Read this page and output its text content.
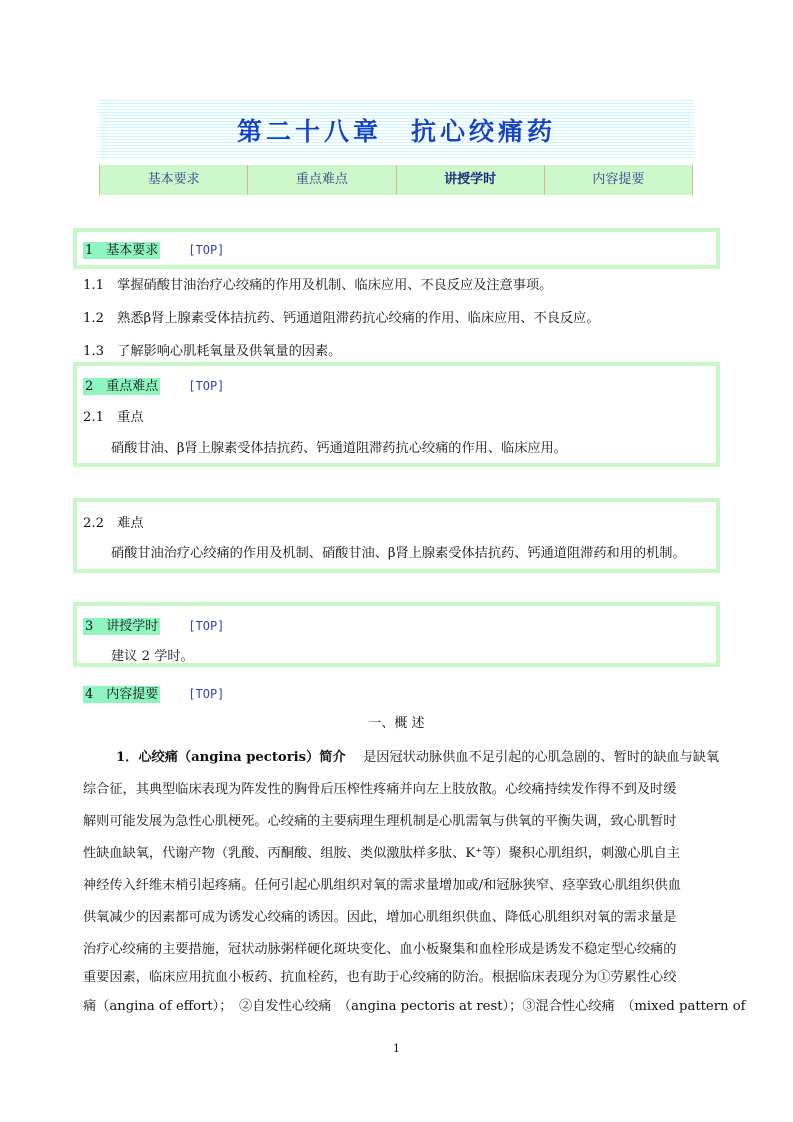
第二十八章　抗心绞痛药
基本要求	重点难点	讲授学时	内容提要
1　基本要求	[TOP]
1.1　掌握硝酸甘油治疗心绞痛的作用及机制、临床应用、不良反应及注意事项。
1.2　熟悉β肾上腺素受体拮抗药、钙通道阻滞药抗心绞痛的作用、临床应用、不良反应。
1.3　了解影响心肌耗氧量及供氧量的因素。
2　重点难点	[TOP]
2.1　重点
硝酸甘油、β肾上腺素受体拮抗药、钙通道阻滞药抗心绞痛的作用、临床应用。
2.2　难点
硝酸甘油治疗心绞痛的作用及机制、硝酸甘油、β肾上腺素受体拮抗药、钙通道阻滞药和用的机制。
3　讲授学时	[TOP]
建议 2 学时。
4　内容提要	[TOP]
一、概 述
1．心绞痛（angina pectoris）简介　 是因冠状动脉供血不足引起的心肌急剧的、暂时的缺血与缺氧
综合征，其典型临床表现为阵发性的胸骨后压榨性疼痛并向左上肢放散。心绞痛持续发作得不到及时缓
解则可能发展为急性心肌梗死。心绞痛的主要病理生理机制是心肌需氧与供氧的平衡失调，致心肌暂时
性缺血缺氧，代谢产物（乳酸、丙酮酸、组胺、类似激肽样多肽、K⁺等）聚积心肌组织，刺激心肌自主
神经传入纤维末梢引起疼痛。任何引起心肌组织对氧的需求量增加或/和冠脉狭窄、痉挛致心肌组织供血
供氧减少的因素都可成为诱发心绞痛的诱因。因此，增加心肌组织供血、降低心肌组织对氧的需求量是
治疗心绞痛的主要措施，冠状动脉粥样硬化斑块变化、血小板聚集和血栓形成是诱发不稳定型心绞痛的
重要因素，临床应用抗血小板药、抗血栓药，也有助于心绞痛的防治。根据临床表现分为①劳累性心绞
痛（angina of effort）；　②自发性心绞痛　（angina pectoris at rest）；③混合性心绞痛　（mixed pattern of
1
